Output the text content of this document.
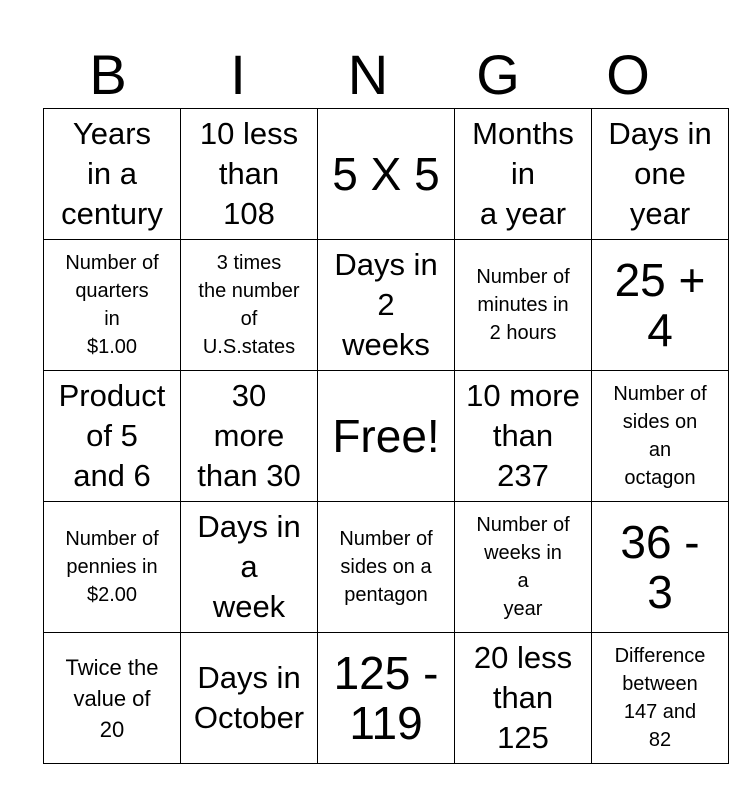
B	I	N	G	O
Years
in a
century	10 less
than
108	5 X 5	Months
in
a year	Days in
one
year

Number of
quarters
in
$1.00	3 times
the number
of
U.S.states	Days in
2
weeks	Number of
minutes in
2 hours	25 +
4

Product
of 5
and 6	30
more
than 30	Free!	10 more
than
237	Number of
sides on
an
octagon

Number of
pennies in
$2.00	Days in
a
week	Number of
sides on a
pentagon	Number of
weeks in
a
year	36 -
3

Twice the
value of
20	Days in
October	125 -
119	20 less
than
125	Difference
between
147 and
82
